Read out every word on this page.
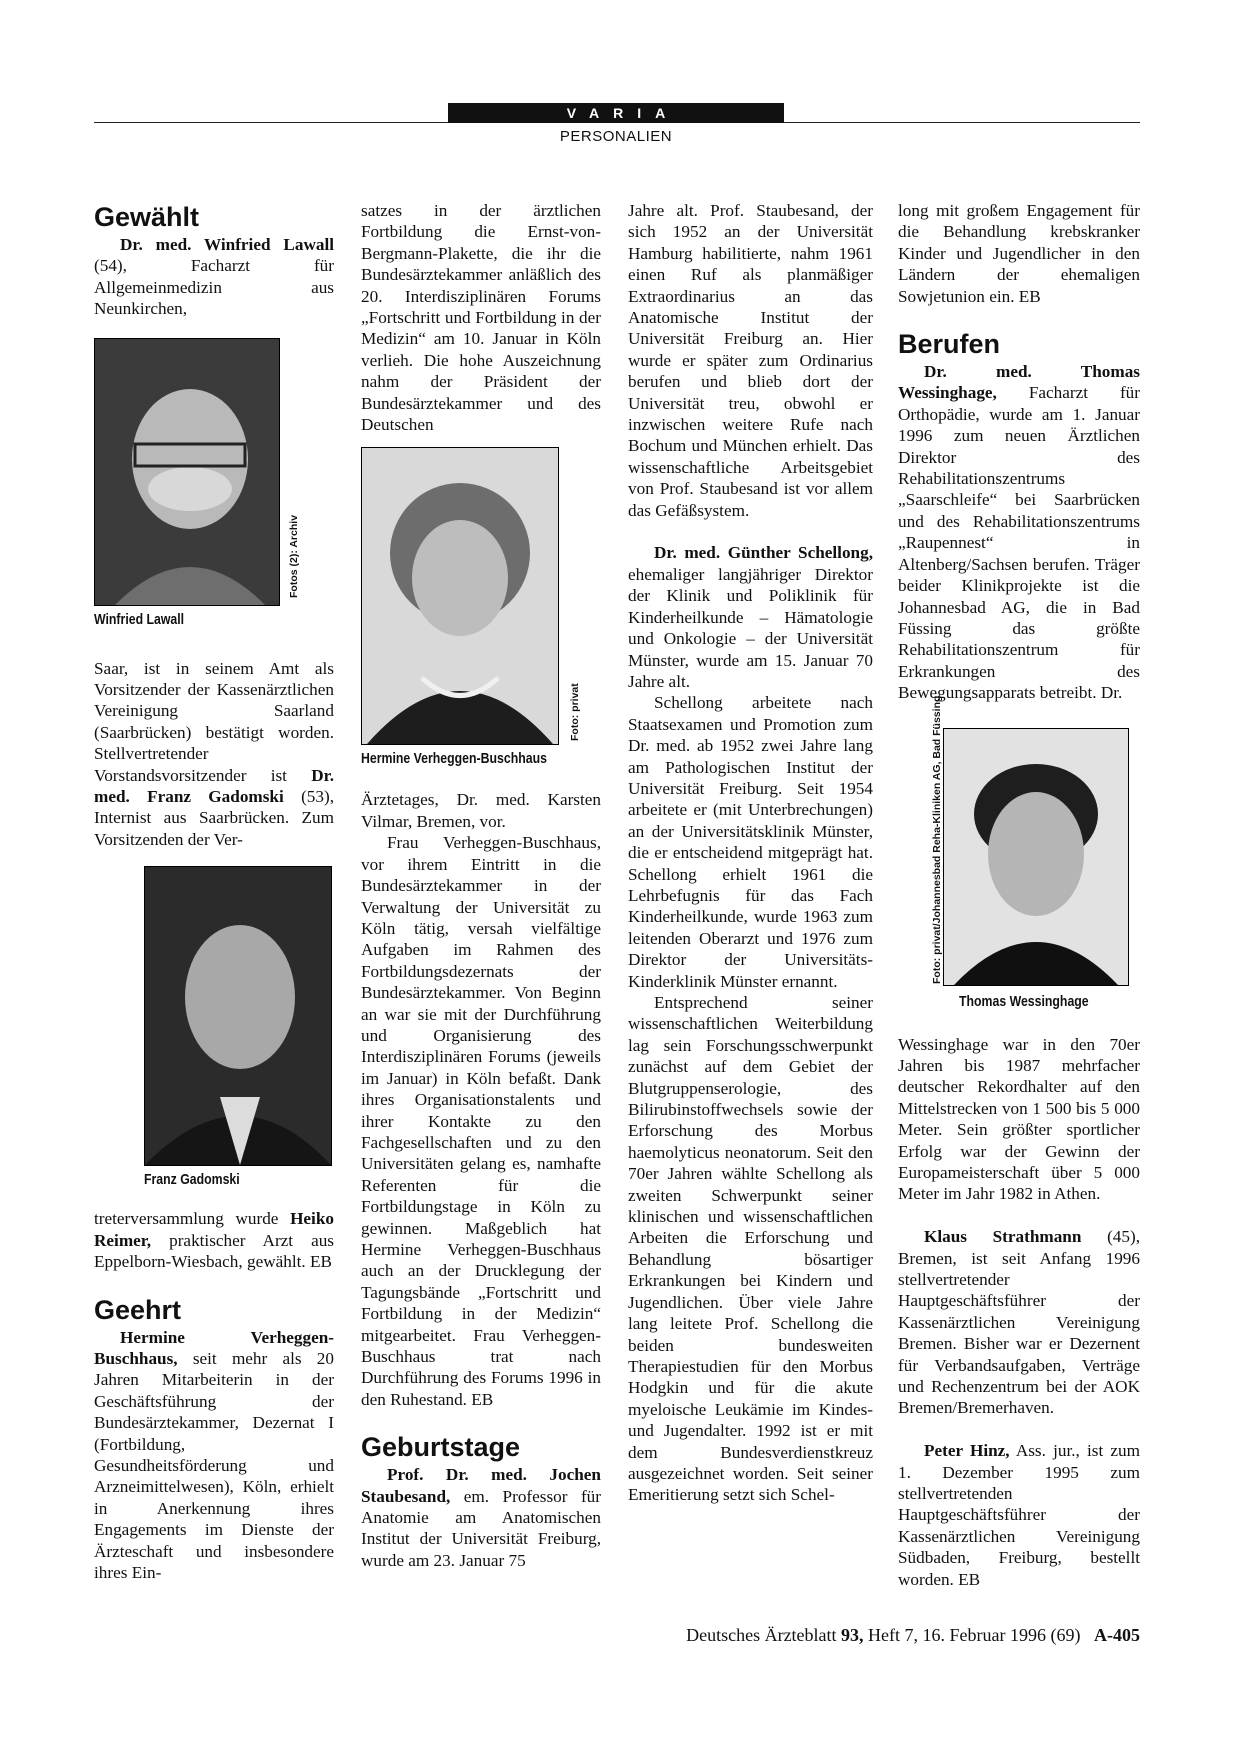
VARIA
PERSONALIEN
Gewählt

Dr. med. Winfried Lawall (54), Facharzt für Allgemeinmedizin aus Neunkirchen,

Fotos (2): Archiv
Winfried Lawall

Saar, ist in seinem Amt als Vorsitzender der Kassenärztlichen Vereinigung Saarland (Saarbrücken) bestätigt worden. Stellvertretender Vorstandsvorsitzender ist Dr. med. Franz Gadomski (53), Internist aus Saarbrücken. Zum Vorsitzenden der Ver-

Franz Gadomski

treterversammlung wurde Heiko Reimer, praktischer Arzt aus Eppelborn-Wiesbach, gewählt. EB

Geehrt

Hermine Verheggen-Buschhaus, seit mehr als 20 Jahren Mitarbeiterin in der Geschäftsführung der Bundesärztekammer, Dezernat I (Fortbildung, Gesundheitsförderung und Arzneimittelwesen), Köln, erhielt in Anerkennung ihres Engagements im Dienste der Ärzteschaft und insbesondere ihres Ein-

satzes in der ärztlichen Fortbildung die Ernst-von-Bergmann-Plakette, die ihr die Bundesärztekammer anläßlich des 20. Interdisziplinären Forums „Fortschritt und Fortbildung in der Medizin“ am 10. Januar in Köln verlieh. Die hohe Auszeichnung nahm der Präsident der Bundesärztekammer und des Deutschen

Foto: privat
Hermine Verheggen-Buschhaus

Ärztetages, Dr. med. Karsten Vilmar, Bremen, vor.

Frau Verheggen-Buschhaus, vor ihrem Eintritt in die Bundesärztekammer in der Verwaltung der Universität zu Köln tätig, versah vielfältige Aufgaben im Rahmen des Fortbildungsdezernats der Bundesärztekammer. Von Beginn an war sie mit der Durchführung und Organisierung des Interdisziplinären Forums (jeweils im Januar) in Köln befaßt. Dank ihres Organisationstalents und ihrer Kontakte zu den Fachgesellschaften und zu den Universitäten gelang es, namhafte Referenten für die Fortbildungstage in Köln zu gewinnen. Maßgeblich hat Hermine Verheggen-Buschhaus auch an der Drucklegung der Tagungsbände „Fortschritt und Fortbildung in der Medizin“ mitgearbeitet. Frau Verheggen-Buschhaus trat nach Durchführung des Forums 1996 in den Ruhestand. EB

Geburtstage

Prof. Dr. med. Jochen Staubesand, em. Professor für Anatomie am Anatomischen Institut der Universität Freiburg, wurde am 23. Januar 75

Jahre alt. Prof. Staubesand, der sich 1952 an der Universität Hamburg habilitierte, nahm 1961 einen Ruf als planmäßiger Extraordinarius an das Anatomische Institut der Universität Freiburg an. Hier wurde er später zum Ordinarius berufen und blieb dort der Universität treu, obwohl er inzwischen weitere Rufe nach Bochum und München erhielt. Das wissenschaftliche Arbeitsgebiet von Prof. Staubesand ist vor allem das Gefäßsystem.

Dr. med. Günther Schellong, ehemaliger langjähriger Direktor der Klinik und Poliklinik für Kinderheilkunde – Hämatologie und Onkologie – der Universität Münster, wurde am 15. Januar 70 Jahre alt.

Schellong arbeitete nach Staatsexamen und Promotion zum Dr. med. ab 1952 zwei Jahre lang am Pathologischen Institut der Universität Freiburg. Seit 1954 arbeitete er (mit Unterbrechungen) an der Universitätsklinik Münster, die er entscheidend mitgeprägt hat. Schellong erhielt 1961 die Lehrbefugnis für das Fach Kinderheilkunde, wurde 1963 zum leitenden Oberarzt und 1976 zum Direktor der Universitäts-Kinderklinik Münster ernannt.

Entsprechend seiner wissenschaftlichen Weiterbildung lag sein Forschungsschwerpunkt zunächst auf dem Gebiet der Blutgruppenserologie, des Bilirubinstoffwechsels sowie der Erforschung des Morbus haemolyticus neonatorum. Seit den 70er Jahren wählte Schellong als zweiten Schwerpunkt seiner klinischen und wissenschaftlichen Arbeiten die Erforschung und Behandlung bösartiger Erkrankungen bei Kindern und Jugendlichen. Über viele Jahre lang leitete Prof. Schellong die beiden bundesweiten Therapiestudien für den Morbus Hodgkin und für die akute myeloische Leukämie im Kindes- und Jugendalter. 1992 ist er mit dem Bundesverdienstkreuz ausgezeichnet worden. Seit seiner Emeritierung setzt sich Schel-

long mit großem Engagement für die Behandlung krebskranker Kinder und Jugendlicher in den Ländern der ehemaligen Sowjetunion ein. EB

Berufen

Dr. med. Thomas Wessinghage, Facharzt für Orthopädie, wurde am 1. Januar 1996 zum neuen Ärztlichen Direktor des Rehabilitationszentrums „Saarschleife“ bei Saarbrücken und des Rehabilitationszentrums „Raupennest“ in Altenberg/Sachsen berufen. Träger beider Klinikprojekte ist die Johannesbad AG, die in Bad Füssing das größte Rehabilitationszentrum für Erkrankungen des Bewegungsapparats betreibt. Dr.

Foto: privat/Johannesbad Reha-Kliniken AG, Bad Füssing
Thomas Wessinghage

Wessinghage war in den 70er Jahren bis 1987 mehrfacher deutscher Rekordhalter auf den Mittelstrecken von 1 500 bis 5 000 Meter. Sein größter sportlicher Erfolg war der Gewinn der Europameisterschaft über 5 000 Meter im Jahr 1982 in Athen.

Klaus Strathmann (45), Bremen, ist seit Anfang 1996 stellvertretender Hauptgeschäftsführer der Kassenärztlichen Vereinigung Bremen. Bisher war er Dezernent für Verbandsaufgaben, Verträge und Rechenzentrum bei der AOK Bremen/Bremerhaven.

Peter Hinz, Ass. jur., ist zum 1. Dezember 1995 zum stellvertretenden Hauptgeschäftsführer der Kassenärztlichen Vereinigung Südbaden, Freiburg, bestellt worden. EB

Deutsches Ärzteblatt 93, Heft 7, 16. Februar 1996 (69) A-405
